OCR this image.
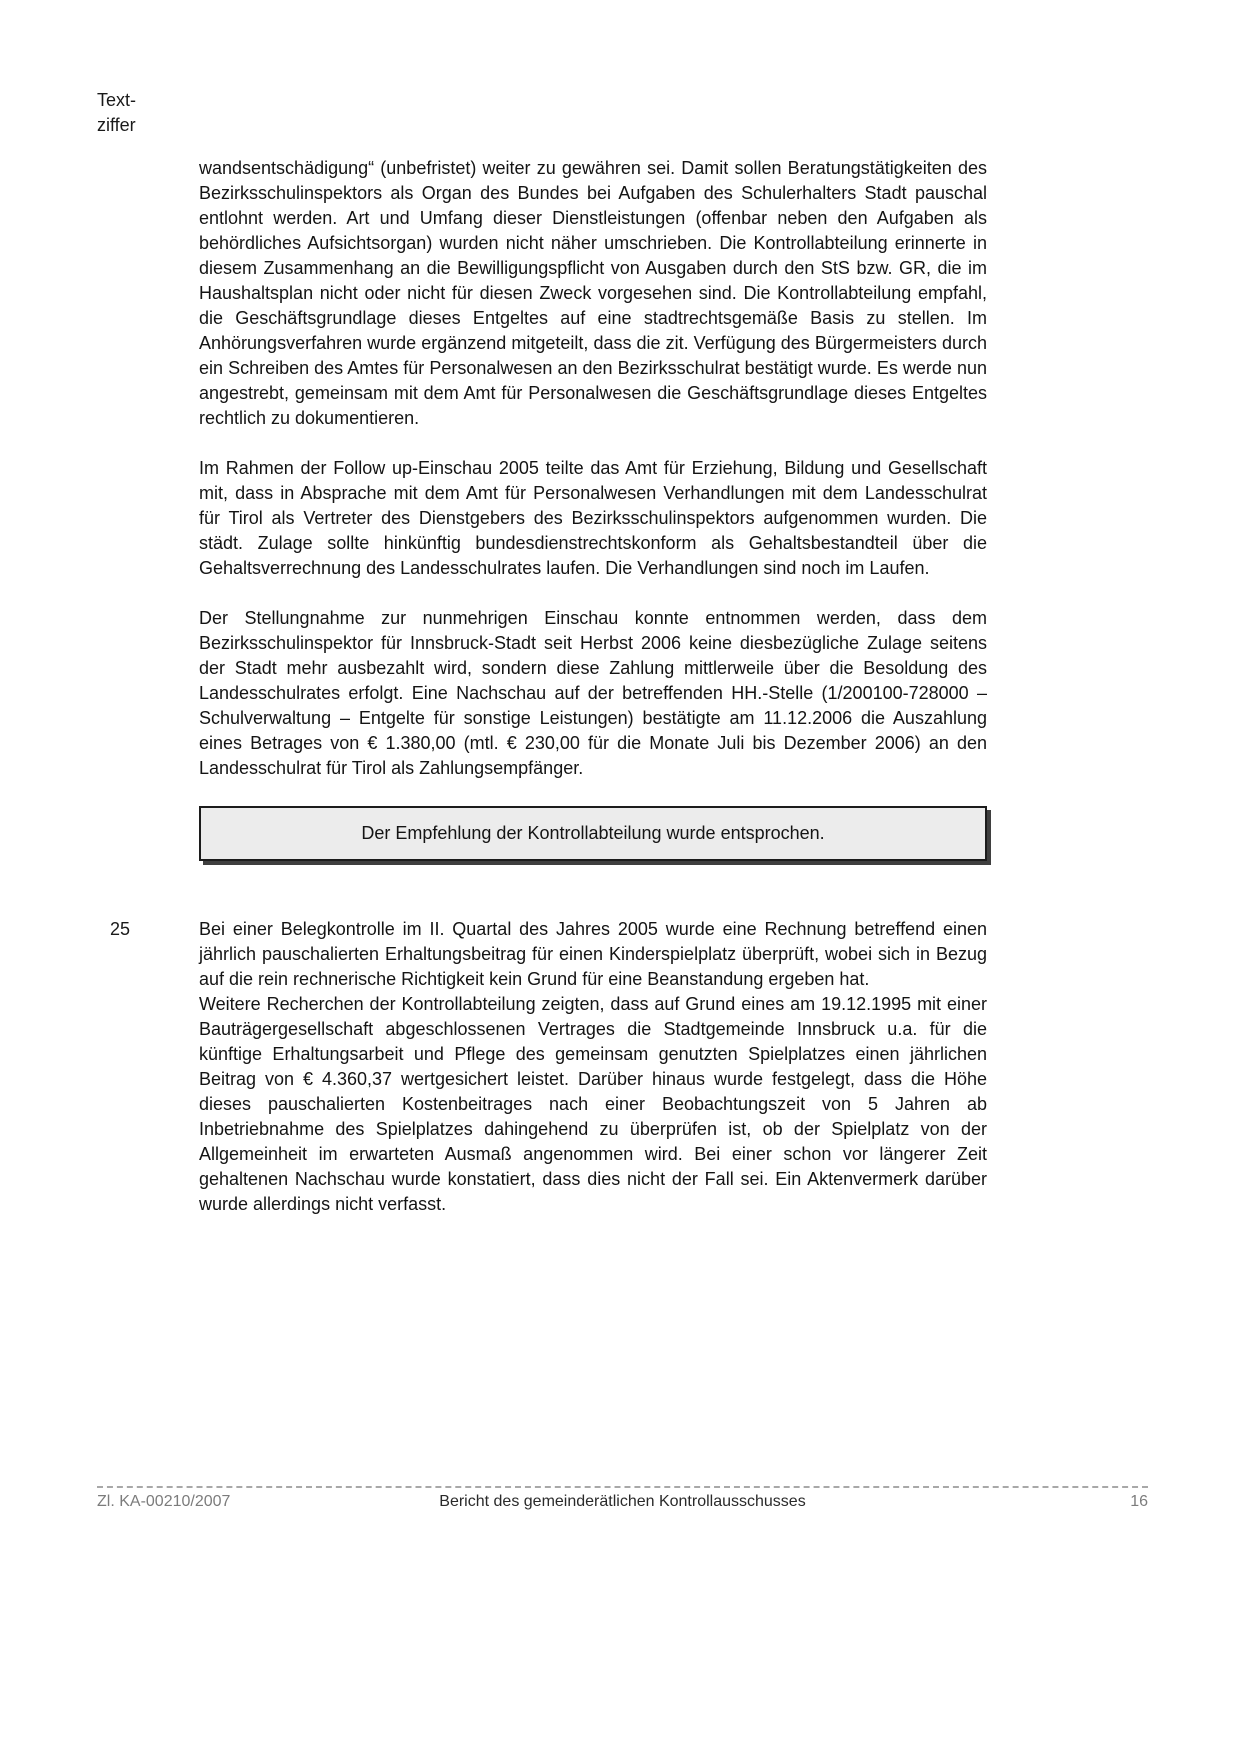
Text-
ziffer

wandsentschädigung“ (unbefristet) weiter zu gewähren sei. Damit sollen Beratungstätigkeiten des Bezirksschulinspektors als Organ des Bundes bei Aufgaben des Schulerhalters Stadt pauschal entlohnt werden. Art und Umfang dieser Dienstleistungen (offenbar neben den Aufgaben als behördliches Aufsichtsorgan) wurden nicht näher umschrieben. Die Kontrollabteilung erinnerte in diesem Zusammenhang an die Bewilligungspflicht von Ausgaben durch den StS bzw. GR, die im Haushaltsplan nicht oder nicht für diesen Zweck vorgesehen sind. Die Kontrollabteilung empfahl, die Geschäftsgrundlage dieses Entgeltes auf eine stadtrechtsgemäße Basis zu stellen. Im Anhörungsverfahren wurde ergänzend mitgeteilt, dass die zit. Verfügung des Bürgermeisters durch ein Schreiben des Amtes für Personalwesen an den Bezirksschulrat bestätigt wurde. Es werde nun angestrebt, gemeinsam mit dem Amt für Personalwesen die Geschäftsgrundlage dieses Entgeltes rechtlich zu dokumentieren.

Im Rahmen der Follow up-Einschau 2005 teilte das Amt für Erziehung, Bildung und Gesellschaft mit, dass in Absprache mit dem Amt für Personalwesen Verhandlungen mit dem Landesschulrat für Tirol als Vertreter des Dienstgebers des Bezirksschulinspektors aufgenommen wurden. Die städt. Zulage sollte hinkünftig bundesdienstrechtskonform als Gehaltsbestandteil über die Gehaltsverrechnung des Landesschulrates laufen. Die Verhandlungen sind noch im Laufen.

Der Stellungnahme zur nunmehrigen Einschau konnte entnommen werden, dass dem Bezirksschulinspektor für Innsbruck-Stadt seit Herbst 2006 keine diesbezügliche Zulage seitens der Stadt mehr ausbezahlt wird, sondern diese Zahlung mittlerweile über die Besoldung des Landesschulrates erfolgt. Eine Nachschau auf der betreffenden HH.-Stelle (1/200100-728000 – Schulverwaltung – Entgelte für sonstige Leistungen) bestätigte am 11.12.2006 die Auszahlung eines Betrages von € 1.380,00 (mtl. € 230,00 für die Monate Juli bis Dezember 2006) an den Landesschulrat für Tirol als Zahlungsempfänger.

Der Empfehlung der Kontrollabteilung wurde entsprochen.
25	Bei einer Belegkontrolle im II. Quartal des Jahres 2005 wurde eine Rechnung betreffend einen jährlich pauschalierten Erhaltungsbeitrag für einen Kinderspielplatz überprüft, wobei sich in Bezug auf die rein rechnerische Richtigkeit kein Grund für eine Beanstandung ergeben hat.

Weitere Recherchen der Kontrollabteilung zeigten, dass auf Grund eines am 19.12.1995 mit einer Bauträgergesellschaft abgeschlossenen Vertrages die Stadtgemeinde Innsbruck u.a. für die künftige Erhaltungsarbeit und Pflege des gemeinsam genutzten Spielplatzes einen jährlichen Beitrag von € 4.360,37 wertgesichert leistet. Darüber hinaus wurde festgelegt, dass die Höhe dieses pauschalierten Kostenbeitrages nach einer Beobachtungszeit von 5 Jahren ab Inbetriebnahme des Spielplatzes dahingehend zu überprüfen ist, ob der Spielplatz von der Allgemeinheit im erwarteten Ausmaß angenommen wird. Bei einer schon vor längerer Zeit gehaltenen Nachschau wurde konstatiert, dass dies nicht der Fall sei. Ein Aktenvermerk darüber wurde allerdings nicht verfasst.

Zl. KA-00210/2007	Bericht des gemeinderätlichen Kontrollausschusses	16
